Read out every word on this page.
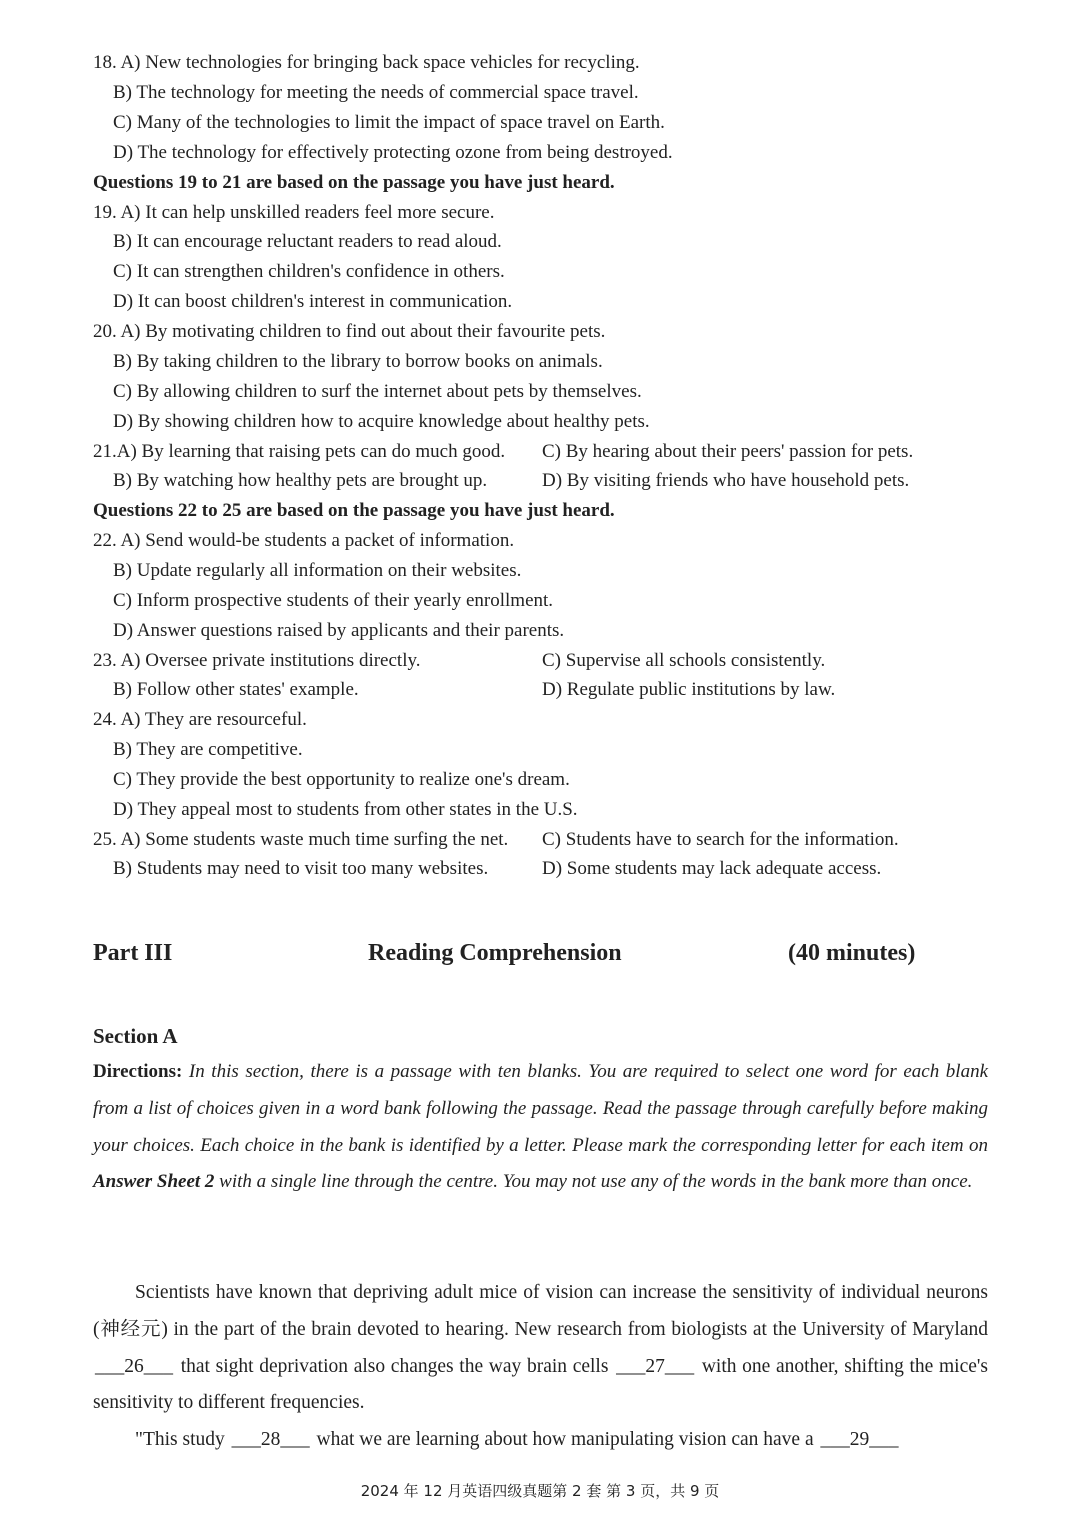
18. A) New technologies for bringing back space vehicles for recycling.
B) The technology for meeting the needs of commercial space travel.
C) Many of the technologies to limit the impact of space travel on Earth.
D) The technology for effectively protecting ozone from being destroyed.
Questions 19 to 21 are based on the passage you have just heard.
19. A) It can help unskilled readers feel more secure.
B) It can encourage reluctant readers to read aloud.
C) It can strengthen children's confidence in others.
D) It can boost children's interest in communication.
20. A) By motivating children to find out about their favourite pets.
B) By taking children to the library to borrow books on animals.
C) By allowing children to surf the internet about pets by themselves.
D) By showing children how to acquire knowledge about healthy pets.
21.A) By learning that raising pets can do much good. C) By hearing about their peers' passion for pets.
B) By watching how healthy pets are brought up.	D) By visiting friends who have household pets.
Questions 22 to 25 are based on the passage you have just heard.
22. A) Send would-be students a packet of information.
B) Update regularly all information on their websites.
C) Inform prospective students of their yearly enrollment.
D) Answer questions raised by applicants and their parents.
23. A) Oversee private institutions directly.	C) Supervise all schools consistently.
B) Follow other states' example.	D) Regulate public institutions by law.
24. A) They are resourceful.
B) They are competitive.
C) They provide the best opportunity to realize one's dream.
D) They appeal most to students from other states in the U.S.
25. A) Some students waste much time surfing the net. C) Students have to search for the information.
B) Students may need to visit too many websites.	D) Some students may lack adequate access.
Part III	Reading Comprehension	(40 minutes)
Section A
Directions: In this section, there is a passage with ten blanks. You are required to select one word for each blank from a list of choices given in a word bank following the passage. Read the passage through carefully before making your choices. Each choice in the bank is identified by a letter. Please mark the corresponding letter for each item on Answer Sheet 2 with a single line through the centre. You may not use any of the words in the bank more than once.
Scientists have known that depriving adult mice of vision can increase the sensitivity of individual neurons (神经元) in the part of the brain devoted to hearing. New research from biologists at the University of Maryland ___26___ that sight deprivation also changes the way brain cells ___27___ with one another, shifting the mice's sensitivity to different frequencies.
"This study ___28___ what we are learning about how manipulating vision can have a ___29___
2024 年 12 月英语四级真题第 2 套 第 3 页，共 9 页
